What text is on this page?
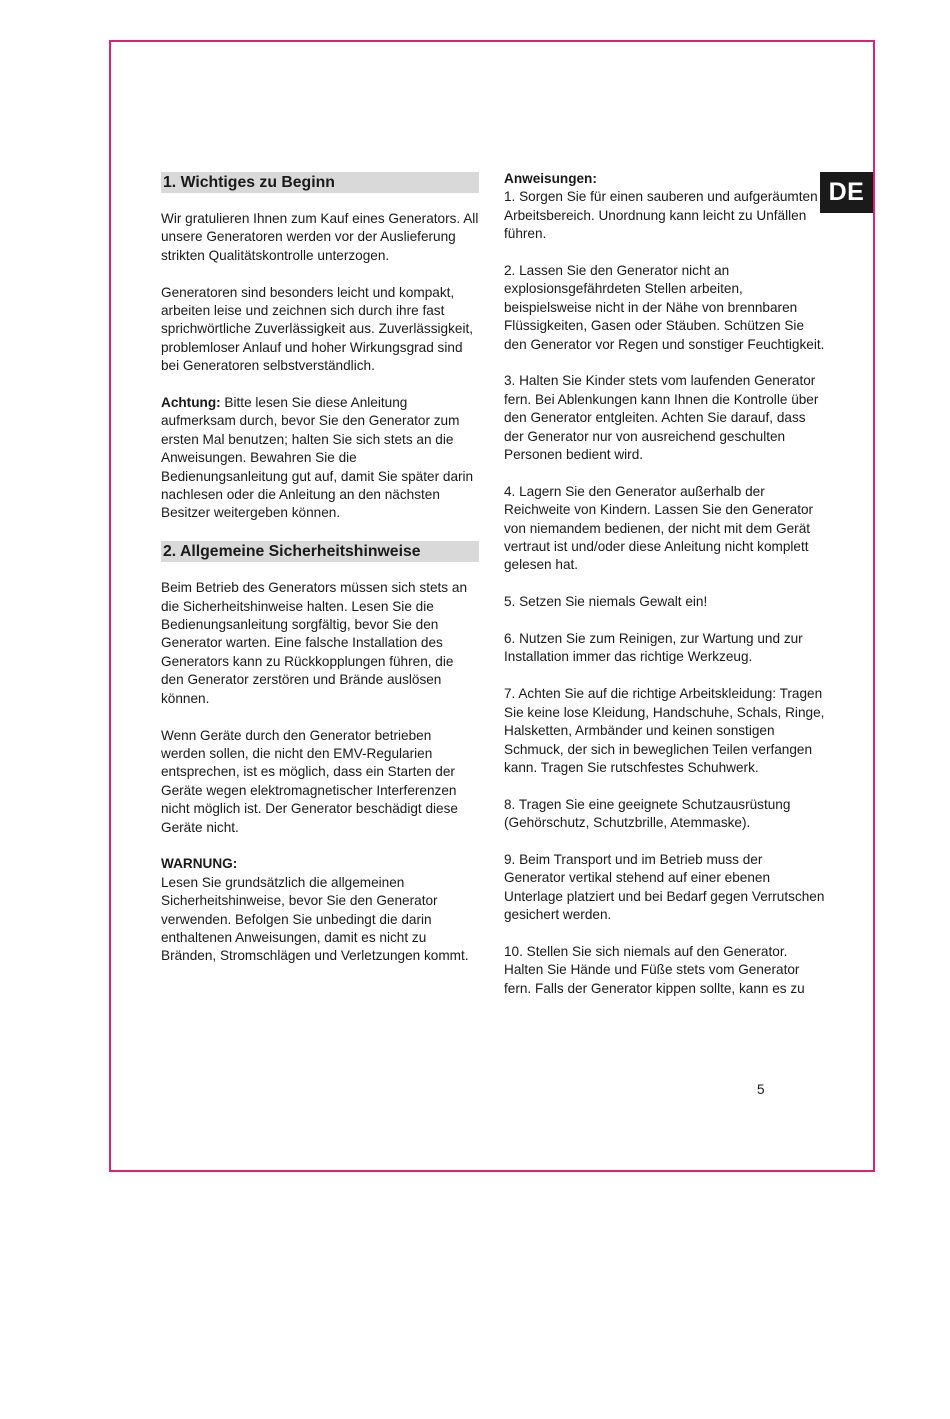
DE
1. Wichtiges zu Beginn

Wir gratulieren Ihnen zum Kauf eines Generators. All unsere Generatoren werden vor der Auslieferung strikten Qualitätskontrolle unterzogen.

Generatoren sind besonders leicht und kompakt, arbeiten leise und zeichnen sich durch ihre fast sprichwörtliche Zuverlässigkeit aus. Zuverlässigkeit, problemloser Anlauf und hoher Wirkungsgrad sind bei Generatoren selbstverständlich.

Achtung: Bitte lesen Sie diese Anleitung aufmerksam durch, bevor Sie den Generator zum ersten Mal benutzen; halten Sie sich stets an die Anweisungen. Bewahren Sie die Bedienungsanleitung gut auf, damit Sie später darin nachlesen oder die Anleitung an den nächsten Besitzer weitergeben können.

2. Allgemeine Sicherheitshinweise

Beim Betrieb des Generators müssen sich stets an die Sicherheitshinweise halten. Lesen Sie die Bedienungsanleitung sorgfältig, bevor Sie den Generator warten. Eine falsche Installation des Generators kann zu Rückkopplungen führen, die den Generator zerstören und Brände auslösen können.

Wenn Geräte durch den Generator betrieben werden sollen, die nicht den EMV-Regularien entsprechen, ist es möglich, dass ein Starten der Geräte wegen elektromagnetischer Interferenzen nicht möglich ist. Der Generator beschädigt diese Geräte nicht.

WARNUNG:
Lesen Sie grundsätzlich die allgemeinen Sicherheitshinweise, bevor Sie den Generator verwenden. Befolgen Sie unbedingt die darin enthaltenen Anweisungen, damit es nicht zu Bränden, Stromschlägen und Verletzungen kommt.

Anweisungen:
1. Sorgen Sie für einen sauberen und aufgeräumten Arbeitsbereich. Unordnung kann leicht zu Unfällen führen.

2. Lassen Sie den Generator nicht an explosionsgefährdeten Stellen arbeiten, beispielsweise nicht in der Nähe von brennbaren Flüssigkeiten, Gasen oder Stäuben. Schützen Sie den Generator vor Regen und sonstiger Feuchtigkeit.

3. Halten Sie Kinder stets vom laufenden Generator fern. Bei Ablenkungen kann Ihnen die Kontrolle über den Generator entgleiten. Achten Sie darauf, dass der Generator nur von ausreichend geschulten Personen bedient wird.

4. Lagern Sie den Generator außerhalb der Reichweite von Kindern. Lassen Sie den Generator von niemandem bedienen, der nicht mit dem Gerät vertraut ist und/oder diese Anleitung nicht komplett gelesen hat.

5. Setzen Sie niemals Gewalt ein!

6. Nutzen Sie zum Reinigen, zur Wartung und zur Installation immer das richtige Werkzeug.

7. Achten Sie auf die richtige Arbeitskleidung: Tragen Sie keine lose Kleidung, Handschuhe, Schals, Ringe, Halsketten, Armbänder und keinen sonstigen Schmuck, der sich in beweglichen Teilen verfangen kann. Tragen Sie rutschfestes Schuhwerk.

8. Tragen Sie eine geeignete Schutzausrüstung (Gehörschutz, Schutzbrille, Atemmaske).

9. Beim Transport und im Betrieb muss der Generator vertikal stehend auf einer ebenen Unterlage platziert und bei Bedarf gegen Verrutschen gesichert werden.

10. Stellen Sie sich niemals auf den Generator. Halten Sie Hände und Füße stets vom Generator fern. Falls der Generator kippen sollte, kann es zu

5
